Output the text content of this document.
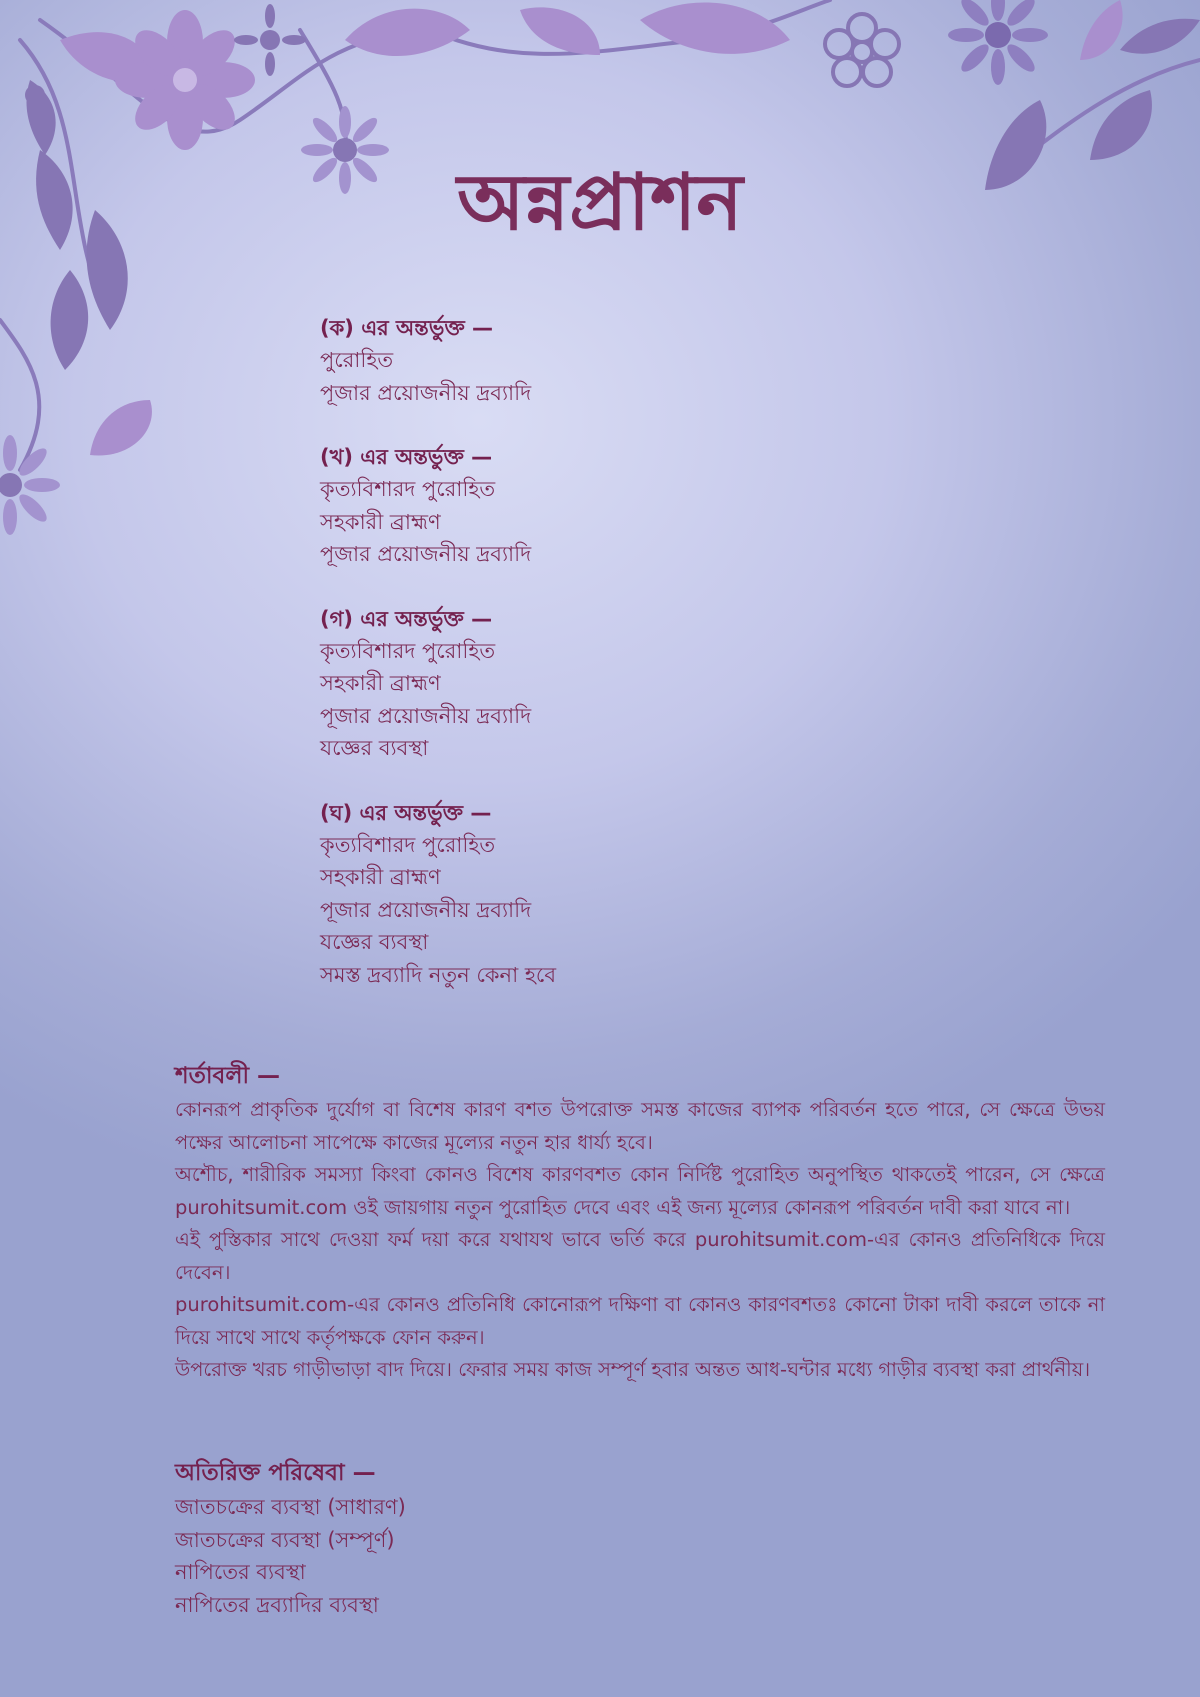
অন্নপ্রাশন
(ক) এর অন্তর্ভুক্ত —
পুরোহিত
পূজার প্রয়োজনীয় দ্রব্যাদি
(খ) এর অন্তর্ভুক্ত —
কৃত্যবিশারদ পুরোহিত
সহকারী ব্রাহ্মণ
পূজার প্রয়োজনীয় দ্রব্যাদি
(গ) এর অন্তর্ভুক্ত —
কৃত্যবিশারদ পুরোহিত
সহকারী ব্রাহ্মণ
পূজার প্রয়োজনীয় দ্রব্যাদি
যজ্ঞের ব্যবস্থা
(ঘ) এর অন্তর্ভুক্ত —
কৃত্যবিশারদ পুরোহিত
সহকারী ব্রাহ্মণ
পূজার প্রয়োজনীয় দ্রব্যাদি
যজ্ঞের ব্যবস্থা
সমস্ত দ্রব্যাদি নতুন কেনা হবে
শর্তাবলী —
কোনরূপ প্রাকৃতিক দুর্যোগ বা বিশেষ কারণ বশত উপরোক্ত সমস্ত কাজের ব্যাপক পরিবর্তন হতে পারে, সে ক্ষেত্রে উভয় পক্ষের আলোচনা সাপেক্ষে কাজের মূল্যের নতুন হার ধার্য্য হবে।
অশৌচ, শারীরিক সমস্যা কিংবা কোনও বিশেষ কারণবশত কোন নির্দিষ্ট পুরোহিত অনুপস্থিত থাকতেই পারেন, সে ক্ষেত্রে purohitsumit.com ওই জায়গায় নতুন পুরোহিত দেবে এবং এই জন্য মূল্যের কোনরূপ পরিবর্তন দাবী করা যাবে না।
এই পুস্তিকার সাথে দেওয়া ফর্ম দয়া করে যথাযথ ভাবে ভর্তি করে purohitsumit.com-এর কোনও প্রতিনিধিকে দিয়ে দেবেন।
purohitsumit.com-এর কোনও প্রতিনিধি কোনোরূপ দক্ষিণা বা কোনও কারণবশতঃ কোনো টাকা দাবী করলে তাকে না দিয়ে সাথে সাথে কর্তৃপক্ষকে ফোন করুন।
উপরোক্ত খরচ গাড়ীভাড়া বাদ দিয়ে। ফেরার সময় কাজ সম্পূর্ণ হবার অন্তত আধ-ঘন্টার মধ্যে গাড়ীর ব্যবস্থা করা প্রার্থনীয়।
অতিরিক্ত পরিষেবা —
জাতচক্রের ব্যবস্থা (সাধারণ)
জাতচক্রের ব্যবস্থা (সম্পূর্ণ)
নাপিতের ব্যবস্থা
নাপিতের দ্রব্যাদির ব্যবস্থা
